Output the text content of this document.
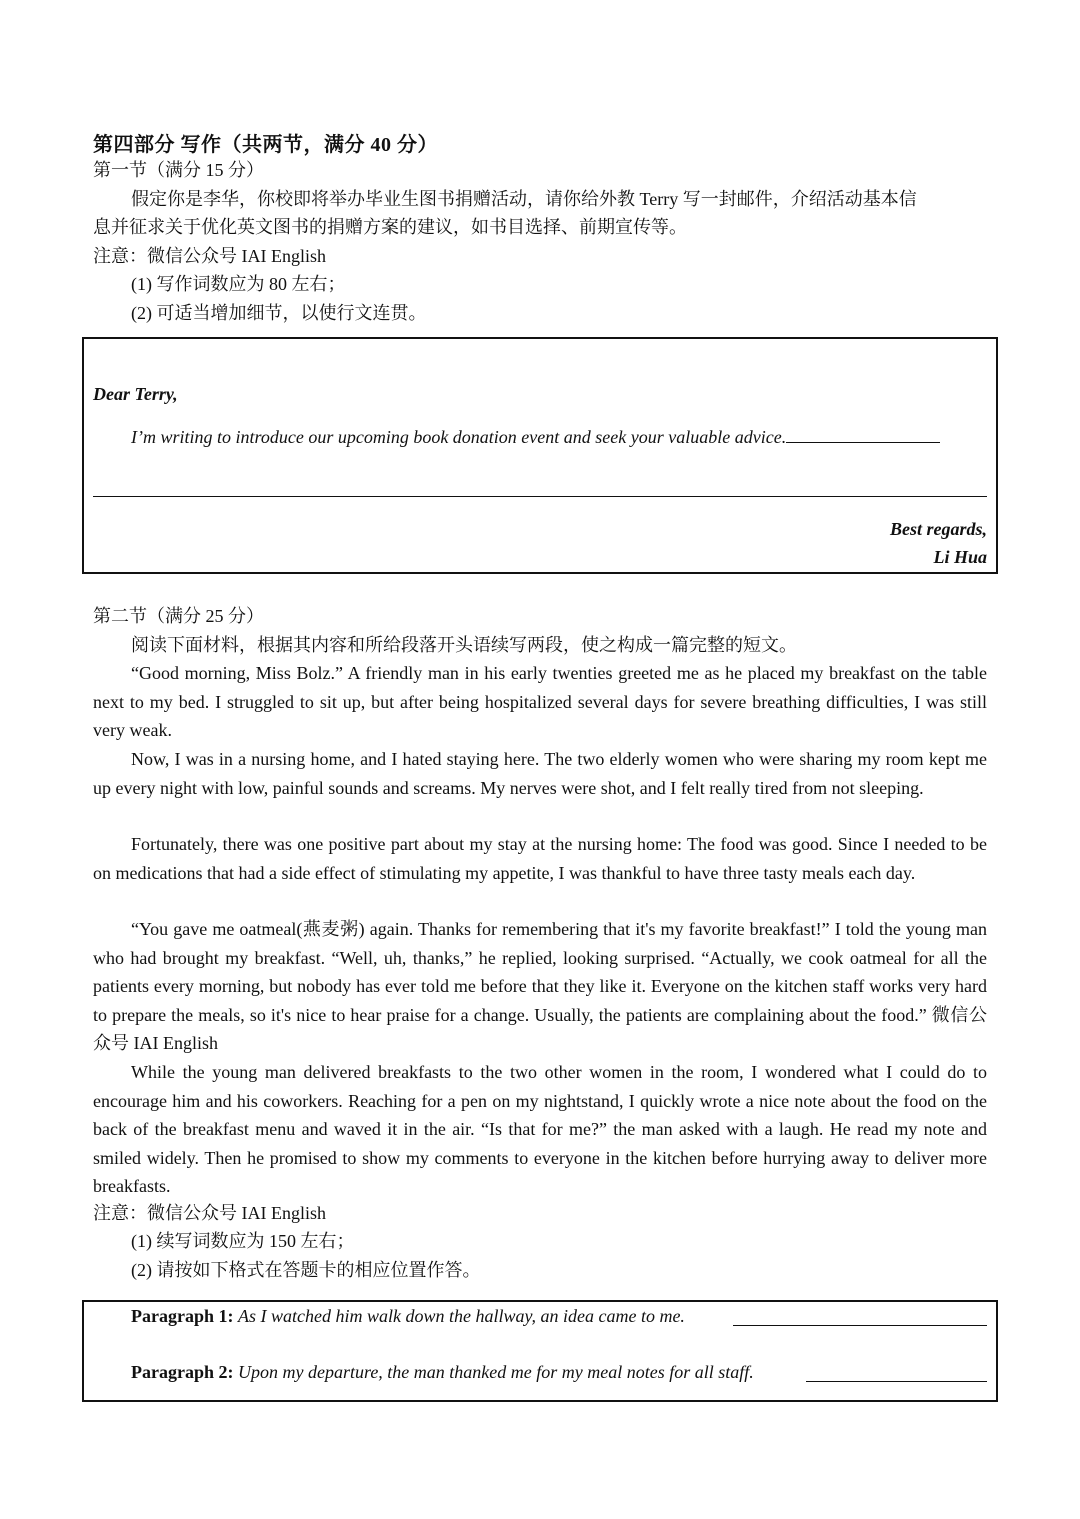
第四部分 写作（共两节，满分 40 分）
第一节（满分 15 分）
假定你是李华，你校即将举办毕业生图书捐赠活动，请你给外教 Terry 写一封邮件，介绍活动基本信
息并征求关于优化英文图书的捐赠方案的建议，如书目选择、前期宣传等。
注意：微信公众号 IAI English
(1) 写作词数应为 80 左右；
(2) 可适当增加细节，以使行文连贯。
Dear Terry,
I’m writing to introduce our upcoming book donation event and seek your valuable advice.
Best regards,
Li Hua
第二节（满分 25 分）
阅读下面材料，根据其内容和所给段落开头语续写两段，使之构成一篇完整的短文。
“Good morning, Miss Bolz.” A friendly man in his early twenties greeted me as he placed my breakfast on the table next to my bed. I struggled to sit up, but after being hospitalized several days for severe breathing difficulties, I was still very weak.
Now, I was in a nursing home, and I hated staying here. The two elderly women who were sharing my room kept me up every night with low, painful sounds and screams. My nerves were shot, and I felt really tired from not sleeping.
Fortunately, there was one positive part about my stay at the nursing home: The food was good. Since I needed to be on medications that had a side effect of stimulating my appetite, I was thankful to have three tasty meals each day.
“You gave me oatmeal(燕麦粥) again. Thanks for remembering that it's my favorite breakfast!” I told the young man who had brought my breakfast. “Well, uh, thanks,” he replied, looking surprised. “Actually, we cook oatmeal for all the patients every morning, but nobody has ever told me before that they like it. Everyone on the kitchen staff works very hard to prepare the meals, so it's nice to hear praise for a change. Usually, the patients are complaining about the food.” 微信公众号 IAI English
While the young man delivered breakfasts to the two other women in the room, I wondered what I could do to encourage him and his coworkers. Reaching for a pen on my nightstand, I quickly wrote a nice note about the food on the back of the breakfast menu and waved it in the air. “Is that for me?” the man asked with a laugh. He read my note and smiled widely. Then he promised to show my comments to everyone in the kitchen before hurrying away to deliver more breakfasts.
注意：微信公众号 IAI English
(1) 续写词数应为 150 左右；
(2) 请按如下格式在答题卡的相应位置作答。
Paragraph 1: As I watched him walk down the hallway, an idea came to me.
Paragraph 2: Upon my departure, the man thanked me for my meal notes for all staff.
